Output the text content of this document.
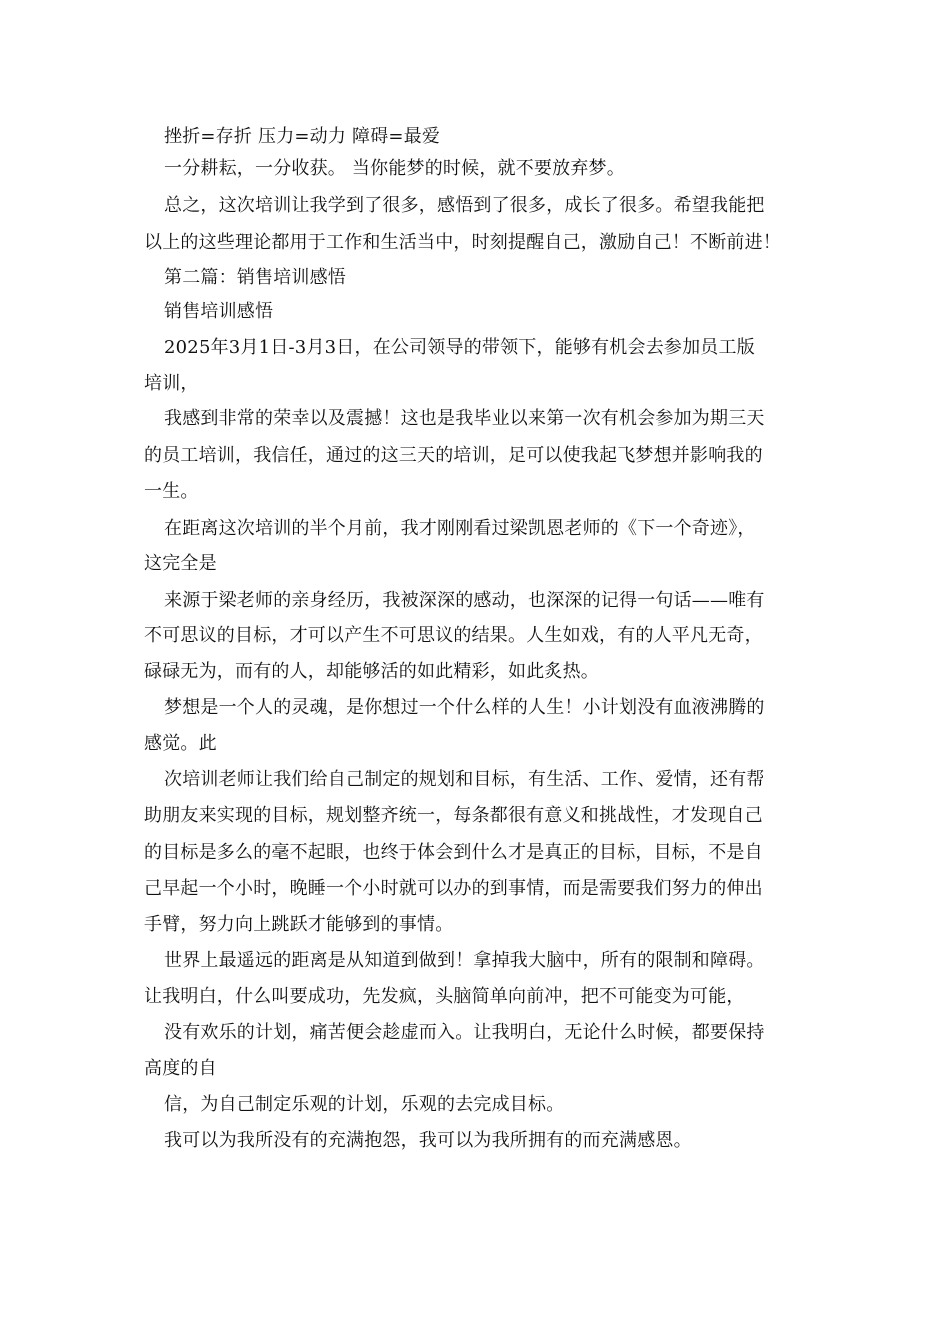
挫折=存折 压力=动力 障碍=最爱
一分耕耘，一分收获。 当你能梦的时候，就不要放弃梦。
总之，这次培训让我学到了很多，感悟到了很多，成长了很多。希望我能把
以上的这些理论都用于工作和生活当中，时刻提醒自己，激励自己！不断前进！
第二篇：销售培训感悟
销售培训感悟
2025年3月1日-3月3日，在公司领导的带领下，能够有机会去参加员工版
培训，
我感到非常的荣幸以及震撼！这也是我毕业以来第一次有机会参加为期三天
的员工培训，我信任，通过的这三天的培训，足可以使我起飞梦想并影响我的
一生。
在距离这次培训的半个月前，我才刚刚看过梁凯恩老师的《下一个奇迹》，
这完全是
来源于梁老师的亲身经历，我被深深的感动，也深深的记得一句话——唯有
不可思议的目标，才可以产生不可思议的结果。人生如戏，有的人平凡无奇，
碌碌无为，而有的人，却能够活的如此精彩，如此炙热。
梦想是一个人的灵魂，是你想过一个什么样的人生！小计划没有血液沸腾的
感觉。此
次培训老师让我们给自己制定的规划和目标，有生活、工作、爱情，还有帮
助朋友来实现的目标，规划整齐统一，每条都很有意义和挑战性，才发现自己
的目标是多么的毫不起眼，也终于体会到什么才是真正的目标，目标，不是自
己早起一个小时，晚睡一个小时就可以办的到事情，而是需要我们努力的伸出
手臂，努力向上跳跃才能够到的事情。
世界上最遥远的距离是从知道到做到！拿掉我大脑中，所有的限制和障碍。
让我明白，什么叫要成功，先发疯，头脑简单向前冲，把不可能变为可能，
没有欢乐的计划，痛苦便会趁虚而入。让我明白，无论什么时候，都要保持
高度的自
信，为自己制定乐观的计划，乐观的去完成目标。
我可以为我所没有的充满抱怨，我可以为我所拥有的而充满感恩。
